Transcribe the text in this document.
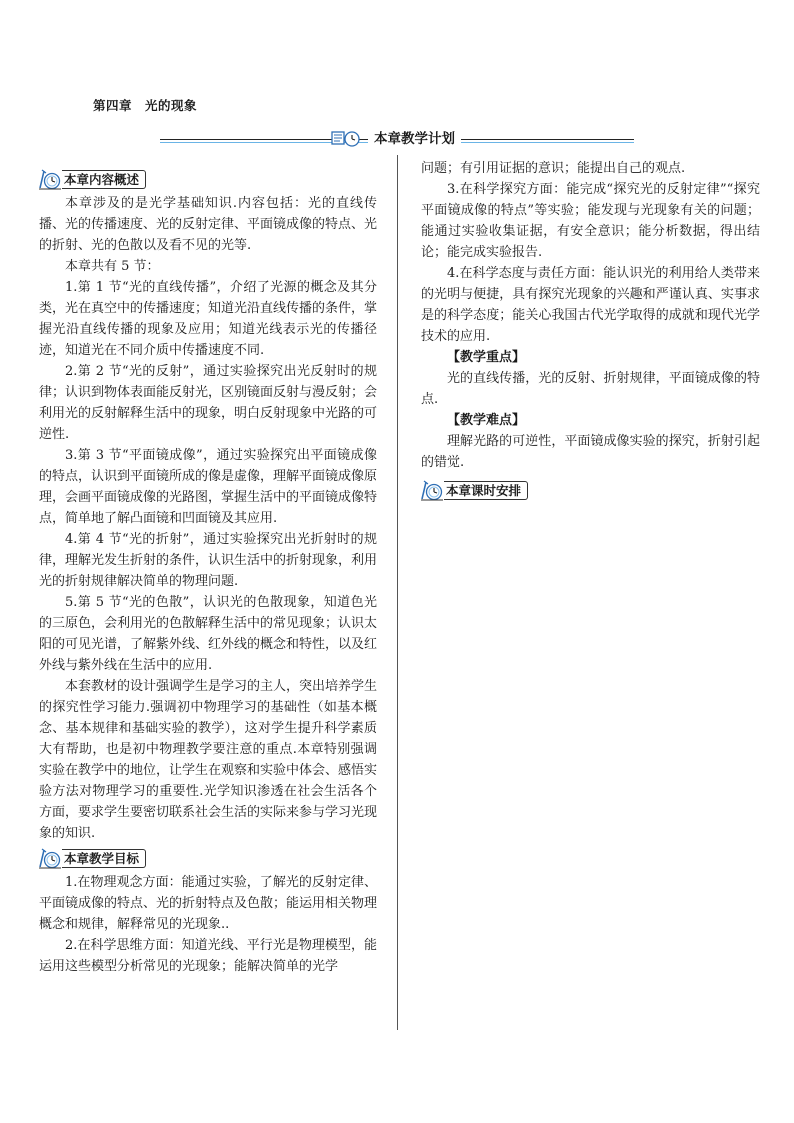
第四章　光的现象
本章教学计划
本章内容概述

本章涉及的是光学基础知识.内容包括：光的直线传播、光的传播速度、光的反射定律、平面镜成像的特点、光的折射、光的色散以及看不见的光等.

本章共有 5 节：

1.第 1 节“光的直线传播”，介绍了光源的概念及其分类，光在真空中的传播速度；知道光沿直线传播的条件，掌握光沿直线传播的现象及应用；知道光线表示光的传播径迹，知道光在不同介质中传播速度不同.

2.第 2 节“光的反射”，通过实验探究出光反射时的规律；认识到物体表面能反射光，区别镜面反射与漫反射；会利用光的反射解释生活中的现象，明白反射现象中光路的可逆性.

3.第 3 节“平面镜成像”，通过实验探究出平面镜成像的特点，认识到平面镜所成的像是虚像，理解平面镜成像原理，会画平面镜成像的光路图，掌握生活中的平面镜成像特点，简单地了解凸面镜和凹面镜及其应用.

4.第 4 节“光的折射”，通过实验探究出光折射时的规律，理解光发生折射的条件，认识生活中的折射现象，利用光的折射规律解决简单的物理问题.

5.第 5 节“光的色散”，认识光的色散现象，知道色光的三原色，会利用光的色散解释生活中的常见现象；认识太阳的可见光谱，了解紫外线、红外线的概念和特性，以及红外线与紫外线在生活中的应用.

本套教材的设计强调学生是学习的主人，突出培养学生的探究性学习能力.强调初中物理学习的基础性（如基本概念、基本规律和基础实验的教学），这对学生提升科学素质大有帮助，也是初中物理教学要注意的重点.本章特别强调实验在教学中的地位，让学生在观察和实验中体会、感悟实验方法对物理学习的重要性.光学知识渗透在社会生活各个方面，要求学生要密切联系社会生活的实际来参与学习光现象的知识.

本章教学目标

1.在物理观念方面：能通过实验，了解光的反射定律、平面镜成像的特点、光的折射特点及色散；能运用相关物理概念和规律，解释常见的光现象..

2.在科学思维方面：知道光线、平行光是物理模型，能运用这些模型分析常见的光现象；能解决简单的光学

问题；有引用证据的意识；能提出自己的观点.

3.在科学探究方面：能完成“探究光的反射定律”“探究平面镜成像的特点”等实验；能发现与光现象有关的问题；能通过实验收集证据，有安全意识；能分析数据，得出结论；能完成实验报告.

4.在科学态度与责任方面：能认识光的利用给人类带来的光明与便捷，具有探究光现象的兴趣和严谨认真、实事求是的科学态度；能关心我国古代光学取得的成就和现代光学技术的应用.

【教学重点】

光的直线传播，光的反射、折射规律，平面镜成像的特点.

【教学难点】

理解光路的可逆性，平面镜成像实验的探究，折射引起的错觉.

本章课时安排
